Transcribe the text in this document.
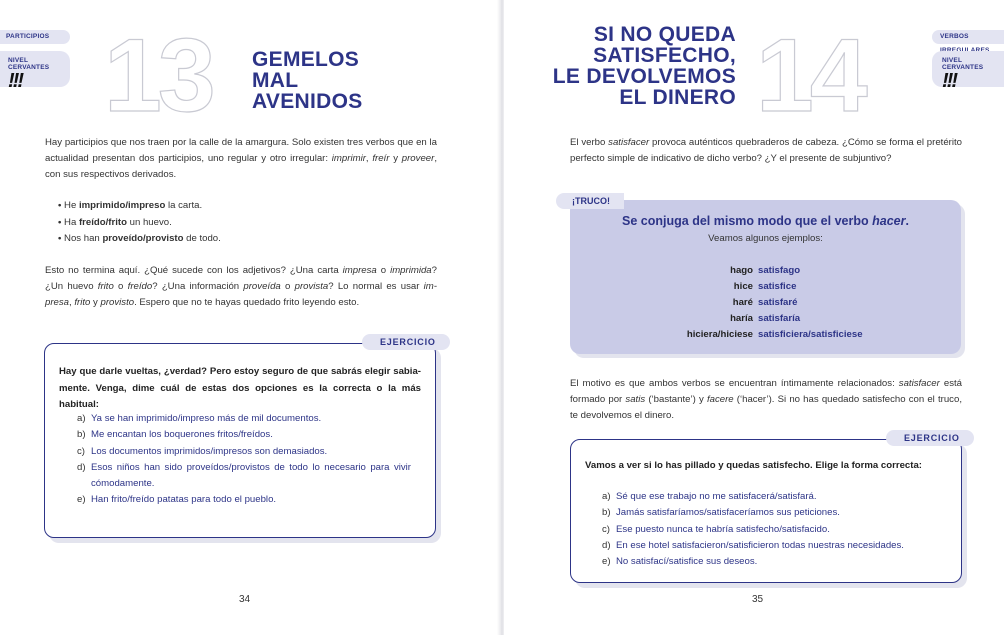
PARTICIPIOS
NIVEL CERVANTES
!!! 13 GEMELOS
MAL
AVENIDOS

Hay participios que nos traen por la calle de la amargura. Solo existen tres verbos que en la actualidad presentan dos participios, uno regular y otro irregular: imprimir, freír y proveer, con sus respectivos derivados.

• He imprimido/impreso la carta.
• Ha freído/frito un huevo.
• Nos han proveído/provisto de todo.

Esto no termina aquí. ¿Qué sucede con los adjetivos? ¿Una carta impresa o imprimida? ¿Un huevo frito o freído? ¿Una información proveída o provista? Lo normal es usar im-presa, frito y provisto. Espero que no te hayas quedado frito leyendo esto.

Hay que darle vueltas, ¿verdad? Pero estoy seguro de que sabrás elegir sabia-mente. Venga, dime cuál de estas dos opciones es la correcta o la más habitual:
a) Ya se han imprimido/impreso más de mil documentos.
b) Me encantan los boquerones fritos/freídos.
c) Los documentos imprimidos/impresos son demasiados.
d) Esos niños han sido proveídos/provistos de todo lo necesario para vivir cómodamente.
e) Han frito/freído patatas para todo el pueblo.
EJERCICIO
34
VERBOS
NIVEL CERVANTES
!!!
14
SI NO QUEDA
SATISFECHO,
LE DEVOLVEMOS
EL DINERO

El verbo satisfacer provoca auténticos quebraderos de cabeza. ¿Cómo se forma el pretérito perfecto simple de indicativo de dicho verbo? ¿Y el presente de subjuntivo?

El motivo es que ambos verbos se encuentran íntimamente relacionados: satisfacer está formado por satis (‘bastante’) y facere (‘hacer’). Si no has quedado satisfecho con el truco, te devolvemos el dinero.

Vamos a ver si lo has pillado y quedas satisfecho. Elige la forma correcta:
a) Sé que ese trabajo no me satisfacerá/satisfará.
b) Jamás satisfaríamos/satisfaceríamos sus peticiones.
c) Ese puesto nunca te habría satisfecho/satisfacido.
d) En ese hotel satisfacieron/satisficieron todas nuestras necesidades.
e) No satisfací/satisfice sus deseos.
EJERCICIO
35
Se conjuga del mismo modo que el verbo hacer.
Veamos algunos ejemplos:
hago satisfago
hice satisfice
haré satisfaré
haría satisfaría
hiciera/hiciese satisficiera/satisficiese
¡TRUCO!
